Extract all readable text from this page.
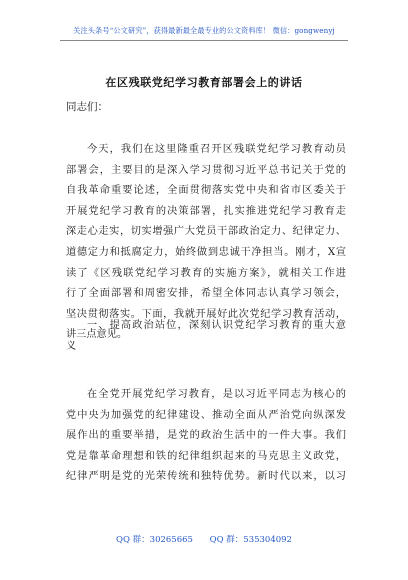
关注头条号“公文研究”，获得最新最全最专业的公文资料库！ 微信：gongwenyj
在区残联党纪学习教育部署会上的讲话
同志们：
今天，我们在这里隆重召开区残联党纪学习教育动员
部署会，主要目的是深入学习贯彻习近平总书记关于党的
自我革命重要论述，全面贯彻落实党中央和省市区委关于
开展党纪学习教育的决策部署，扎实推进党纪学习教育走
深走心走实，切实增强广大党员干部政治定力、纪律定力、
道德定力和抵腐定力，始终做到忠诚干净担当。刚才，X宣
读了《区残联党纪学习教育的实施方案》，就相关工作进
行了全面部署和周密安排，希望全体同志认真学习领会，
坚决贯彻落实。下面，我就开展好此次党纪学习教育活动，
讲三点意见。
一、提高政治站位，深刻认识党纪学习教育的重大意
义
在全党开展党纪学习教育，是以习近平同志为核心的
党中央为加强党的纪律建设、推动全面从严治党向纵深发
展作出的重要举措，是党的政治生活中的一件大事。我们
党是靠革命理想和铁的纪律组织起来的马克思主义政党，
纪律严明是党的光荣传统和独特优势。新时代以来，以习
QQ 群：30265665 QQ 群：535304092
